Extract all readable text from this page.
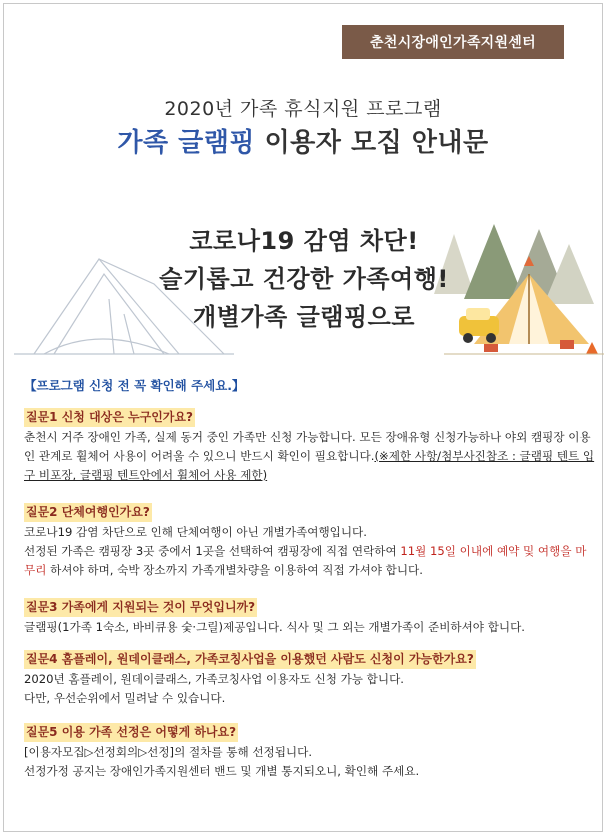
춘천시장애인가족지원센터
2020년 가족 휴식지원 프로그램
가족 글램핑 이용자 모집 안내문
코로나19 감염 차단!
슬기롭고 건강한 가족여행!
개별가족 글램핑으로
【프로그램 신청 전 꼭 확인해 주세요.】
질문1 신청 대상은 누구인가요?
춘천시 거주 장애인 가족, 실제 동거 중인 가족만 신청 가능합니다. 모든 장애유형 신청가능하나 야외 캠핑장 이용인 관계로 휠체어 사용이 어려울 수 있으니 반드시 확인이 필요합니다.(※제한 사항/첨부사진참조 : 글램핑 텐트 입구 비포장, 글램핑 텐트안에서 휠체어 사용 제한)
질문2 단체여행인가요?
코로나19 감염 차단으로 인해 단체여행이 아닌 개별가족여행입니다.
선정된 가족은 캠핑장 3곳 중에서 1곳을 선택하여 캠핑장에 직접 연락하여 11월 15일 이내에 예약 및 여행을 마무리 하셔야 하며, 숙박 장소까지 가족개별차량을 이용하여 직접 가셔야 합니다.
질문3 가족에게 지원되는 것이 무엇입니까?
글램핑(1가족 1숙소, 바비큐용 숯·그릴)제공입니다. 식사 및 그 외는 개별가족이 준비하셔야 합니다.
질문4 홈플레이, 원데이클래스, 가족코칭사업을 이용했던 사람도 신청이 가능한가요?
2020년 홈플레이, 원데이클래스, 가족코칭사업 이용자도 신청 가능 합니다.
다만, 우선순위에서 밀려날 수 있습니다.
질문5 이용 가족 선정은 어떻게 하나요?
[이용자모집▷선정회의▷선정]의 절차를 통해 선정됩니다.
선정가정 공지는 장애인가족지원센터 밴드 및 개별 통지되오니, 확인해 주세요.
